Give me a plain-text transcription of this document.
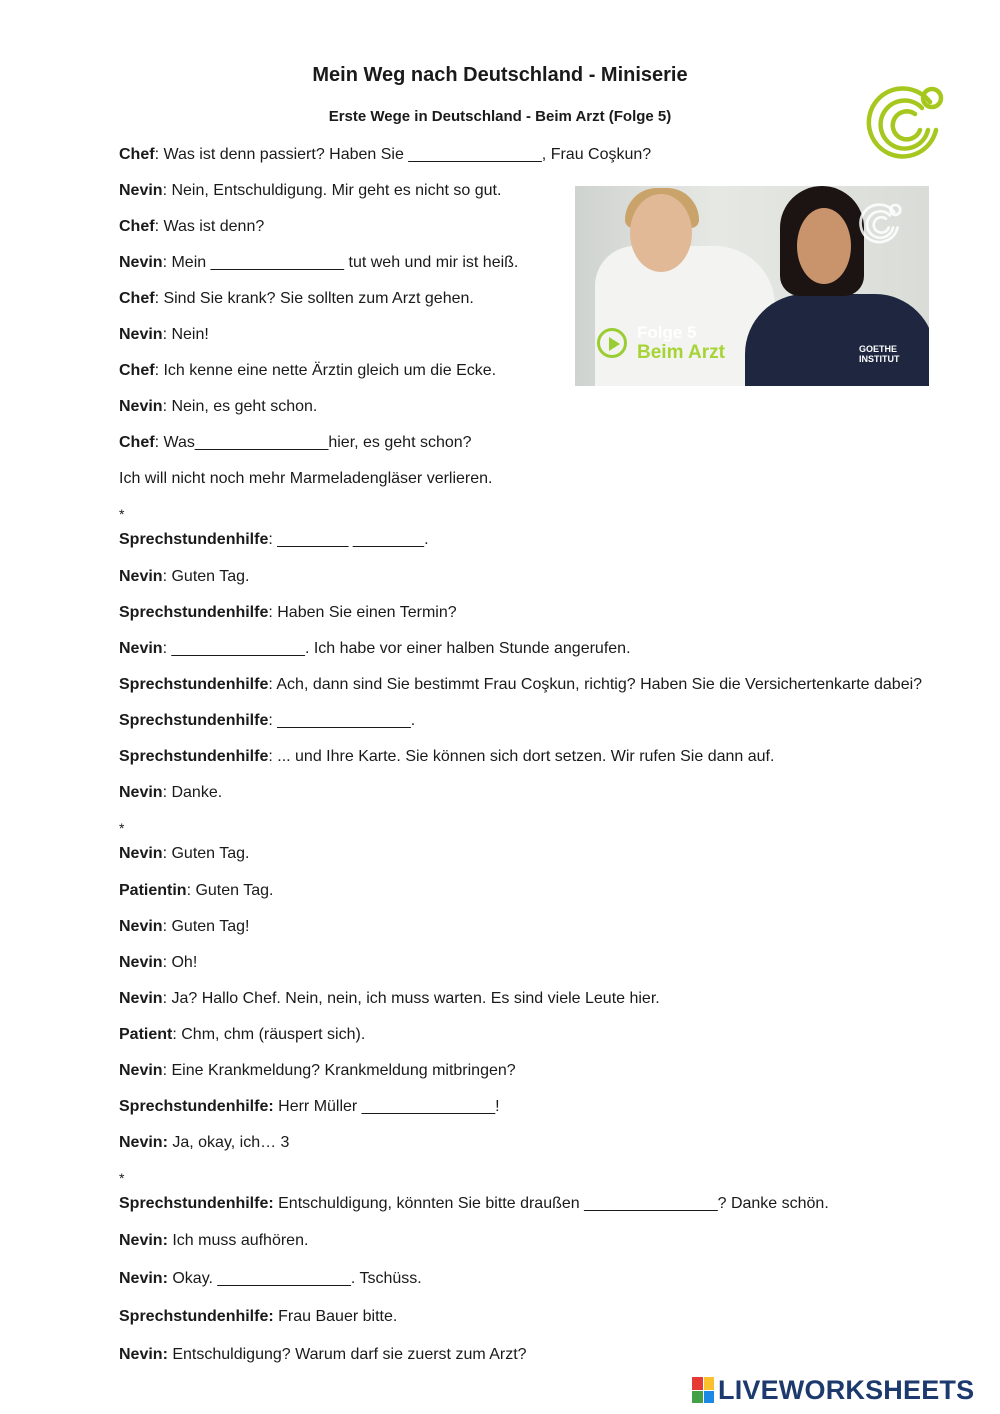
Mein Weg nach Deutschland - Miniserie
Erste Wege in Deutschland - Beim Arzt (Folge 5)
Folge 5
Beim Arzt	GOETHE
INSTITUT
Chef: Was ist denn passiert? Haben Sie _______________, Frau Coşkun?
Nevin: Nein, Entschuldigung. Mir geht es nicht so gut.
Chef: Was ist denn?
Nevin: Mein _______________ tut weh und mir ist heiß.
Chef: Sind Sie krank? Sie sollten zum Arzt gehen.
Nevin: Nein!
Chef: Ich kenne eine nette Ärztin gleich um die Ecke.
Nevin: Nein, es geht schon.
Chef: Was_______________hier, es geht schon?
Ich will nicht noch mehr Marmeladengläser verlieren.
*
Sprechstundenhilfe: ________ ________.
Nevin: Guten Tag.
Sprechstundenhilfe: Haben Sie einen Termin?
Nevin: _______________. Ich habe vor einer halben Stunde angerufen.
Sprechstundenhilfe: Ach, dann sind Sie bestimmt Frau Coşkun, richtig? Haben Sie die Versichertenkarte dabei?
Sprechstundenhilfe: _______________.
Sprechstundenhilfe: ... und Ihre Karte. Sie können sich dort setzen. Wir rufen Sie dann auf.
Nevin: Danke.
*
Nevin: Guten Tag.
Patientin: Guten Tag.
Nevin: Guten Tag!
Nevin: Oh!
Nevin: Ja? Hallo Chef. Nein, nein, ich muss warten. Es sind viele Leute hier.
Patient: Chm, chm (räuspert sich).
Nevin: Eine Krankmeldung? Krankmeldung mitbringen?
Sprechstundenhilfe: Herr Müller _______________!
Nevin: Ja, okay, ich… 3
*
Sprechstundenhilfe: Entschuldigung, könnten Sie bitte draußen _______________? Danke schön.
Nevin: Ich muss aufhören.
Nevin: Okay. _______________. Tschüss.
Sprechstundenhilfe: Frau Bauer bitte.
Nevin: Entschuldigung? Warum darf sie zuerst zum Arzt?
LIVEWORKSHEETS
